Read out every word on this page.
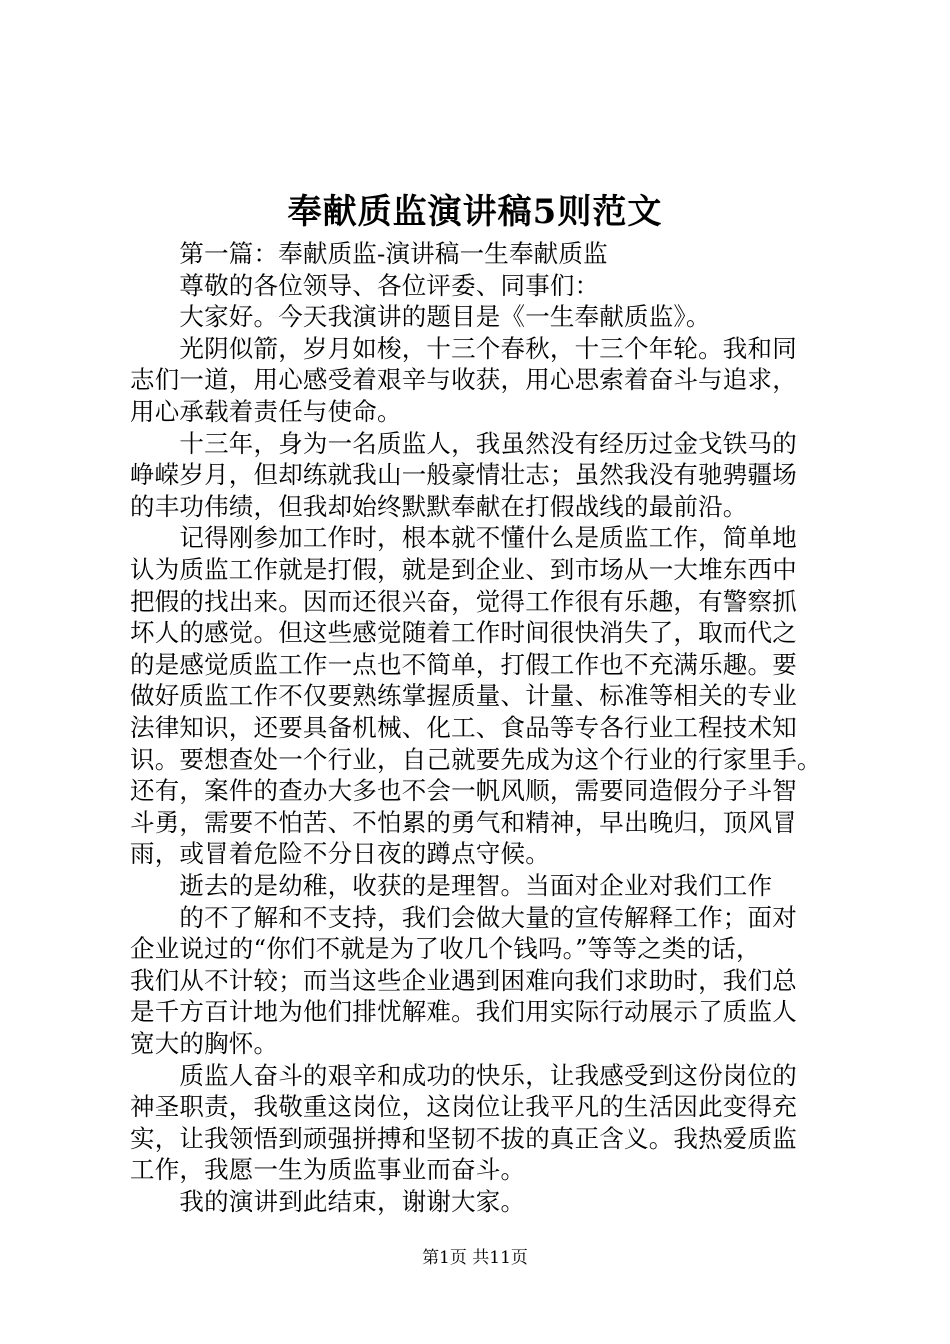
奉献质监演讲稿5则范文
　　第一篇：奉献质监-演讲稿一生奉献质监
　　尊敬的各位领导、各位评委、同事们：
　　大家好。今天我演讲的题目是《一生奉献质监》。
　　光阴似箭，岁月如梭，十三个春秋，十三个年轮。我和同
志们一道，用心感受着艰辛与收获，用心思索着奋斗与追求，
用心承载着责任与使命。
　　十三年，身为一名质监人，我虽然没有经历过金戈铁马的
峥嵘岁月，但却练就我山一般豪情壮志；虽然我没有驰骋疆场
的丰功伟绩，但我却始终默默奉献在打假战线的最前沿。
　　记得刚参加工作时，根本就不懂什么是质监工作，简单地
认为质监工作就是打假，就是到企业、到市场从一大堆东西中
把假的找出来。因而还很兴奋，觉得工作很有乐趣，有警察抓
坏人的感觉。但这些感觉随着工作时间很快消失了，取而代之
的是感觉质监工作一点也不简单，打假工作也不充满乐趣。要
做好质监工作不仅要熟练掌握质量、计量、标准等相关的专业
法律知识，还要具备机械、化工、食品等专各行业工程技术知
识。要想查处一个行业，自己就要先成为这个行业的行家里手。
还有，案件的查办大多也不会一帆风顺，需要同造假分子斗智
斗勇，需要不怕苦、不怕累的勇气和精神，早出晚归，顶风冒
雨，或冒着危险不分日夜的蹲点守候。
　　逝去的是幼稚，收获的是理智。当面对企业对我们工作
　　的不了解和不支持，我们会做大量的宣传解释工作；面对
企业说过的“你们不就是为了收几个钱吗。”等等之类的话，
我们从不计较；而当这些企业遇到困难向我们求助时，我们总
是千方百计地为他们排忧解难。我们用实际行动展示了质监人
宽大的胸怀。
　　质监人奋斗的艰辛和成功的快乐，让我感受到这份岗位的
神圣职责，我敬重这岗位，这岗位让我平凡的生活因此变得充
实，让我领悟到顽强拼搏和坚韧不拔的真正含义。我热爱质监
工作，我愿一生为质监事业而奋斗。
　　我的演讲到此结束，谢谢大家。
第1页 共11页
